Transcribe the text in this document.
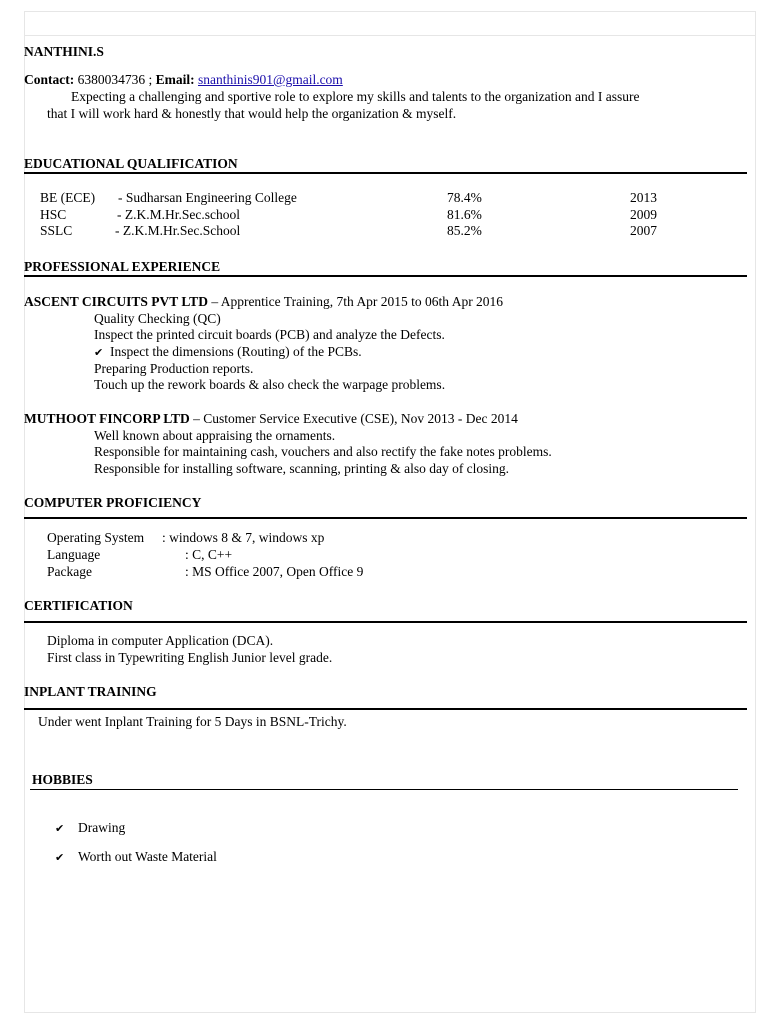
NANTHINI.S
Contact: 6380034736 ; Email: snanthinis901@gmail.com
Expecting a challenging and sportive role to explore my skills and talents to the organization and I assure
that I will work hard & honestly that would help the organization & myself.
EDUCATIONAL QUALIFICATION
BE (ECE) - Sudharsan Engineering College	78.4%	2013
HSC	- Z.K.M.Hr.Sec.school	81.6%	2009
SSLC	- Z.K.M.Hr.Sec.School	85.2%	2007
PROFESSIONAL EXPERIENCE
ASCENT CIRCUITS PVT LTD – Apprentice Training, 7th Apr 2015 to 06th Apr 2016
Quality Checking (QC)
Inspect the printed circuit boards (PCB) and analyze the Defects.
✔ Inspect the dimensions (Routing) of the PCBs.
Preparing Production reports.
Touch up the rework boards & also check the warpage problems.
MUTHOOT FINCORP LTD – Customer Service Executive (CSE), Nov 2013 - Dec 2014
Well known about appraising the ornaments.
Responsible for maintaining cash, vouchers and also rectify the fake notes problems.
Responsible for installing software, scanning, printing & also day of closing.
COMPUTER PROFICIENCY
Operating System : windows 8 & 7, windows xp
Language	: C, C++
Package	: MS Office 2007, Open Office 9
CERTIFICATION
Diploma in computer Application (DCA).
First class in Typewriting English Junior level grade.
INPLANT TRAINING
Under went Inplant Training for 5 Days in BSNL-Trichy.
HOBBIES
✔ Drawing
✔ Worth out Waste Material
